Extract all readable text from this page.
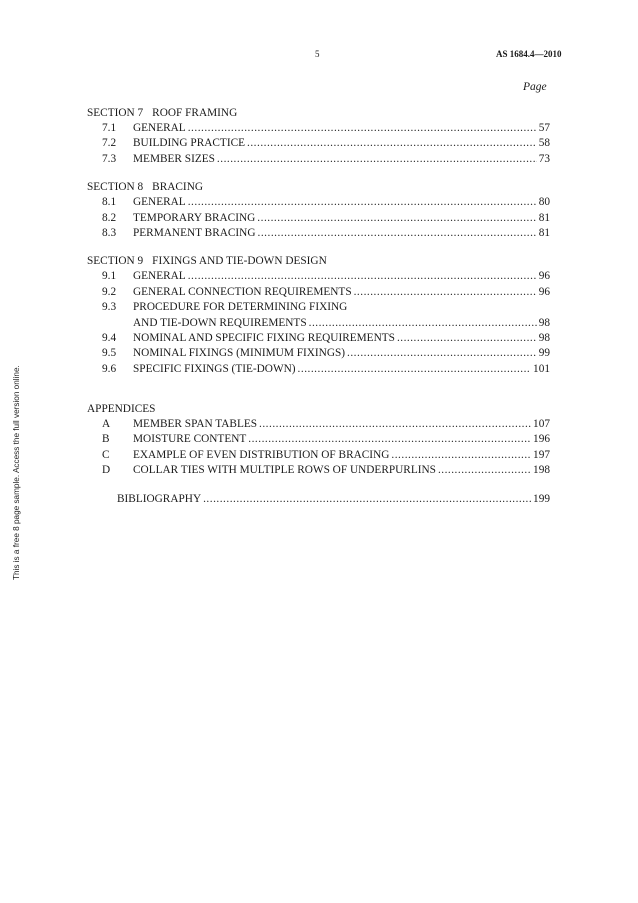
This is a free 8 page sample. Access the full version online.
5	AS 1684.4—2010
Page
SECTION 7 ROOF FRAMING
7.1	GENERAL .....	57
7.2	BUILDING PRACTICE .....	58
7.3	MEMBER SIZES .....	73
SECTION 8 BRACING
8.1	GENERAL .....	80
8.2	TEMPORARY BRACING .....	81
8.3	PERMANENT BRACING .....	81
SECTION 9 FIXINGS AND TIE-DOWN DESIGN
9.1	GENERAL .....	96
9.2	GENERAL CONNECTION REQUIREMENTS .....	96
9.3	PROCEDURE FOR DETERMINING FIXING
AND TIE-DOWN REQUIREMENTS .....	98
9.4	NOMINAL AND SPECIFIC FIXING REQUIREMENTS .....	98
9.5	NOMINAL FIXINGS (MINIMUM FIXINGS) .....	99
9.6	SPECIFIC FIXINGS (TIE-DOWN) .....	101
APPENDICES
A	MEMBER SPAN TABLES .....	107
B	MOISTURE CONTENT .....	196
C	EXAMPLE OF EVEN DISTRIBUTION OF BRACING .....	197
D	COLLAR TIES WITH MULTIPLE ROWS OF UNDERPURLINS .....	198
BIBLIOGRAPHY .....	199
